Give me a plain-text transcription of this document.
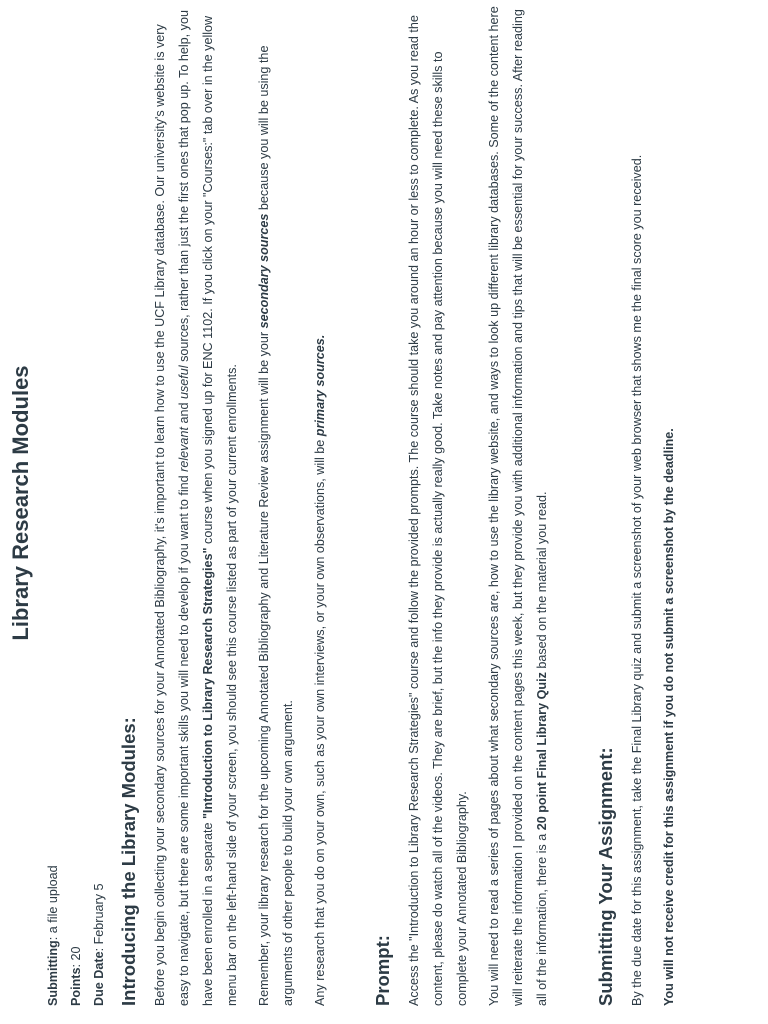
Library Research Modules
Submitting: a file upload
Points: 20 Due Date: February 5 Introducing the Library Modules:	Before you begin collecting your secondary sources for your Annotated Bibliography, it's important to learn how to use the UCF Library database. Our university's website is very easy to navigate, but there are some important skills you will need to develop if you want to find relevant and useful sources, rather than just the first ones that pop up. To help, you have been enrolled in a separate "Introduction to Library Research Strategies" course when you signed up for ENC 1102. If you click on your "Courses:" tab over in the yellow menu bar on the left-hand side of your screen, you should see this course listed as part of your current enrollments.	Remember, your library research for the upcoming Annotated Bibliography and Literature Review assignment will be your secondary sources because you will be using the arguments of other people to build your own argument.	Any research that you do on your own, such as your own interviews, or your own observations, will be primary sources.

Prompt:	Access the "Introduction to Library Research Strategies" course and follow the provided prompts. The course should take you around an hour or less to complete. As you read the content, please do watch all of the videos. They are brief, but the info they provide is actually really good. Take notes and pay attention because you will need these skills to complete your Annotated Bibliography.	You will need to read a series of pages about what secondary sources are, how to use the library website, and ways to look up different library databases. Some of the content here will reiterate the information I provided on the content pages this week, but they provide you with additional information and tips that will be essential for your success. After reading all of the information, there is a 20 point Final Library Quiz based on the material you read.

Submitting Your Assignment:	By the due date for this assignment, take the Final Library quiz and submit a screenshot of your web browser that shows me the final score you received.	You will not receive credit for this assignment if you do not submit a screenshot by the deadline.
